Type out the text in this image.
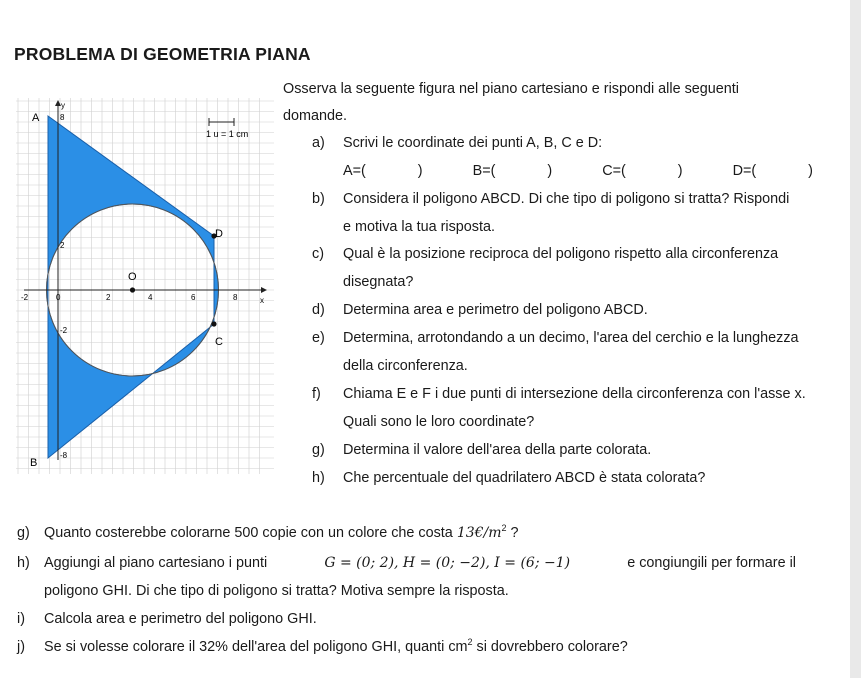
PROBLEMA DI GEOMETRIA PIANA
1 u = 1 cm
A
B
D
C
O
y
x
-2	0	2	4	6	8
8
2
-2
-8
Osserva la seguente figura nel piano cartesiano e rispondi alle seguenti
domande.
a) Scrivi le coordinate dei punti A, B, C e D:
A=(	)	B=(	)	C=(	)	D=(	)
b) Considera il poligono ABCD. Di che tipo di poligono si tratta? Rispondi
e motiva la tua risposta.
c) Qual è la posizione reciproca del poligono rispetto alla circonferenza
disegnata?
d) Determina area e perimetro del poligono ABCD.
e) Determina, arrotondando a un decimo, l'area del cerchio e la lunghezza
della circonferenza.
f) Chiama E e F i due punti di intersezione della circonferenza con l'asse x.
Quali sono le loro coordinate?
g) Determina il valore dell'area della parte colorata.
h) Che percentuale del quadrilatero ABCD è stata colorata?
g) Quanto costerebbe colorarne 500 copie con un colore che costa $13€/m^2$ ?
h) Aggiungi al piano cartesiano i punti	G = (0; 2), H = (0; −2), I = (6; −1)	e congiungili per formare il
poligono GHI. Di che tipo di poligono si tratta? Motiva sempre la risposta.
i) Calcola area e perimetro del poligono GHI.
j) Se si volesse colorare il 32% dell'area del poligono GHI, quanti $cm^2$ si dovrebbero colorare?
